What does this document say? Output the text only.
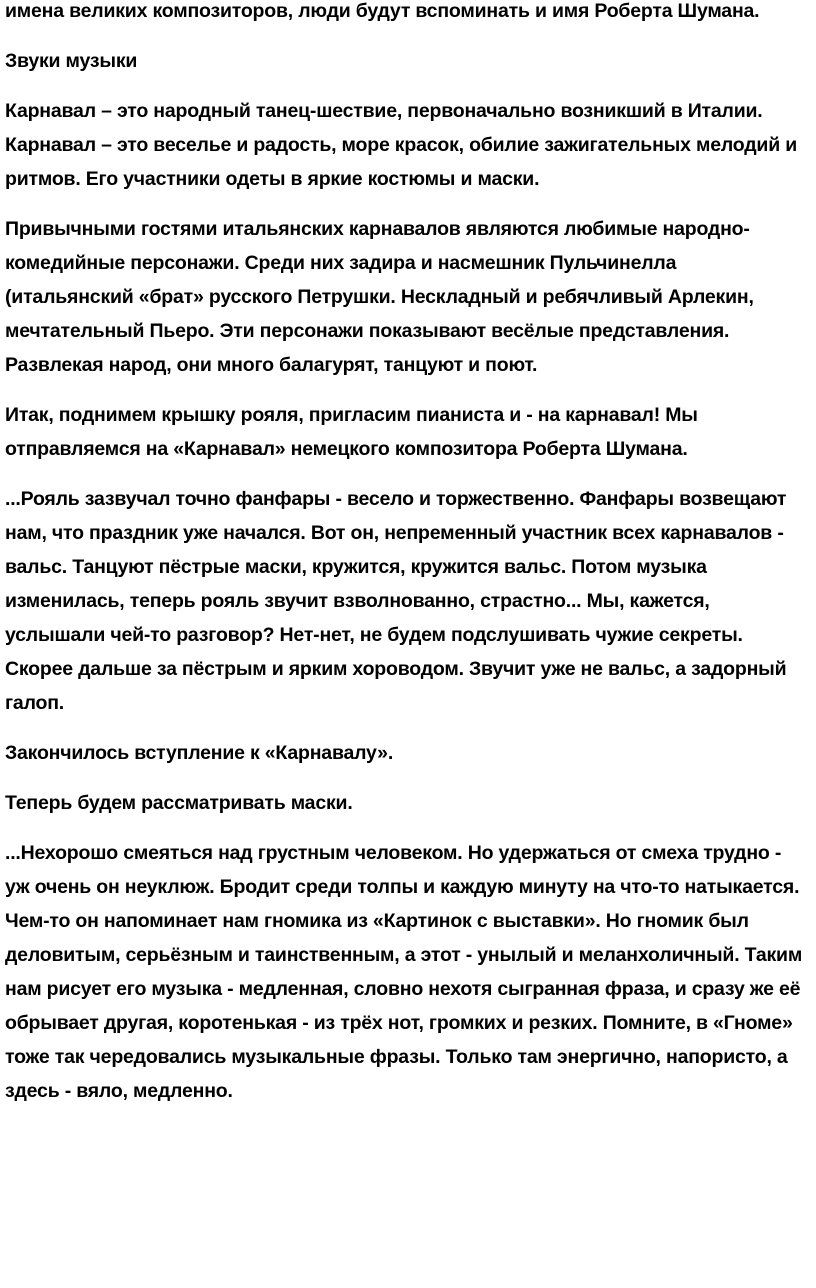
имена великих композиторов, люди будут вспоминать и имя Роберта Шумана.

Звуки музыки

Карнавал – это народный танец-шествие, первоначально возникший в Италии. Карнавал – это веселье и радость, море красок, обилие зажигательных мелодий и ритмов. Его участники одеты в яркие костюмы и маски.

Привычными гостями итальянских карнавалов являются любимые народно-комедийные персонажи. Среди них задира и насмешник Пульчинелла (итальянский «брат» русского Петрушки. Нескладный и ребячливый Арлекин, мечтательный Пьеро. Эти персонажи показывают весёлые представления. Развлекая народ, они много балагурят, танцуют и поют.

Итак, поднимем крышку рояля, пригласим пианиста и - на карнавал! Мы отправляемся на «Карнавал» немецкого композитора Роберта Шумана.

...Рояль зазвучал точно фанфары - весело и торжественно. Фанфары возвещают нам, что праздник уже начался. Вот он, непременный участник всех карнавалов - вальс. Танцуют пёстрые маски, кружится, кружится вальс. Потом музыка изменилась, теперь рояль звучит взволнованно, страстно... Мы, кажется, услышали чей-то разговор? Нет-нет, не будем подслушивать чужие секреты. Скорее дальше за пёстрым и ярким хороводом. Звучит уже не вальс, а задорный галоп.

Закончилось вступление к «Карнавалу».

Теперь будем рассматривать маски.

...Нехорошо смеяться над грустным человеком. Но удержаться от смеха трудно - уж очень он неуклюж. Бродит среди толпы и каждую минуту на что-то натыкается. Чем-то он напоминает нам гномика из «Картинок с выставки». Но гномик был деловитым, серьёзным и таинственным, а этот - унылый и меланхоличный. Таким нам рисует его музыка - медленная, словно нехотя сыгранная фраза, и сразу же её обрывает другая, коротенькая - из трёх нот, громких и резких. Помните, в «Гноме» тоже так чередовались музыкальные фразы. Только там энергично, напористо, а здесь - вяло, медленно.
